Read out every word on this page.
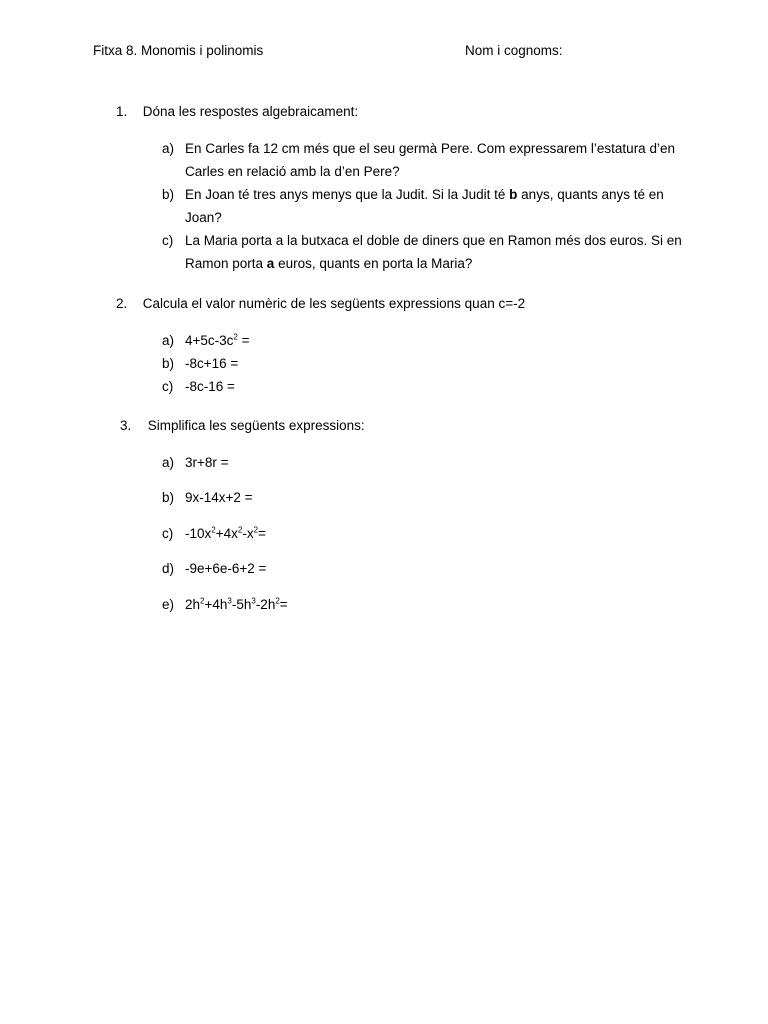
Fitxa 8. Monomis i polinomis	Nom i cognoms:
1. Dóna les respostes algebraicament:
a) En Carles fa 12 cm més que el seu germà Pere. Com expressarem l’estatura d’en Carles en relació amb la d’en Pere?
b) En Joan té tres anys menys que la Judit. Si la Judit té b anys, quants anys té en Joan?
c) La Maria porta a la butxaca el doble de diners que en Ramon més dos euros. Si en Ramon porta a euros, quants en porta la Maria?
2. Calcula el valor numèric de les següents expressions quan c=-2
a) $4+5c-3c^2$ =
b) -8c+16 =
c) -8c-16 =
3. Simplifica les següents expressions:
a) 3r+8r =
b) 9x-14x+2 =
c) $-10x^2+4x^2-x^2=$
d) -9e+6e-6+2 =
e) $2h^2+4h^3-5h^3-2h^2=$
